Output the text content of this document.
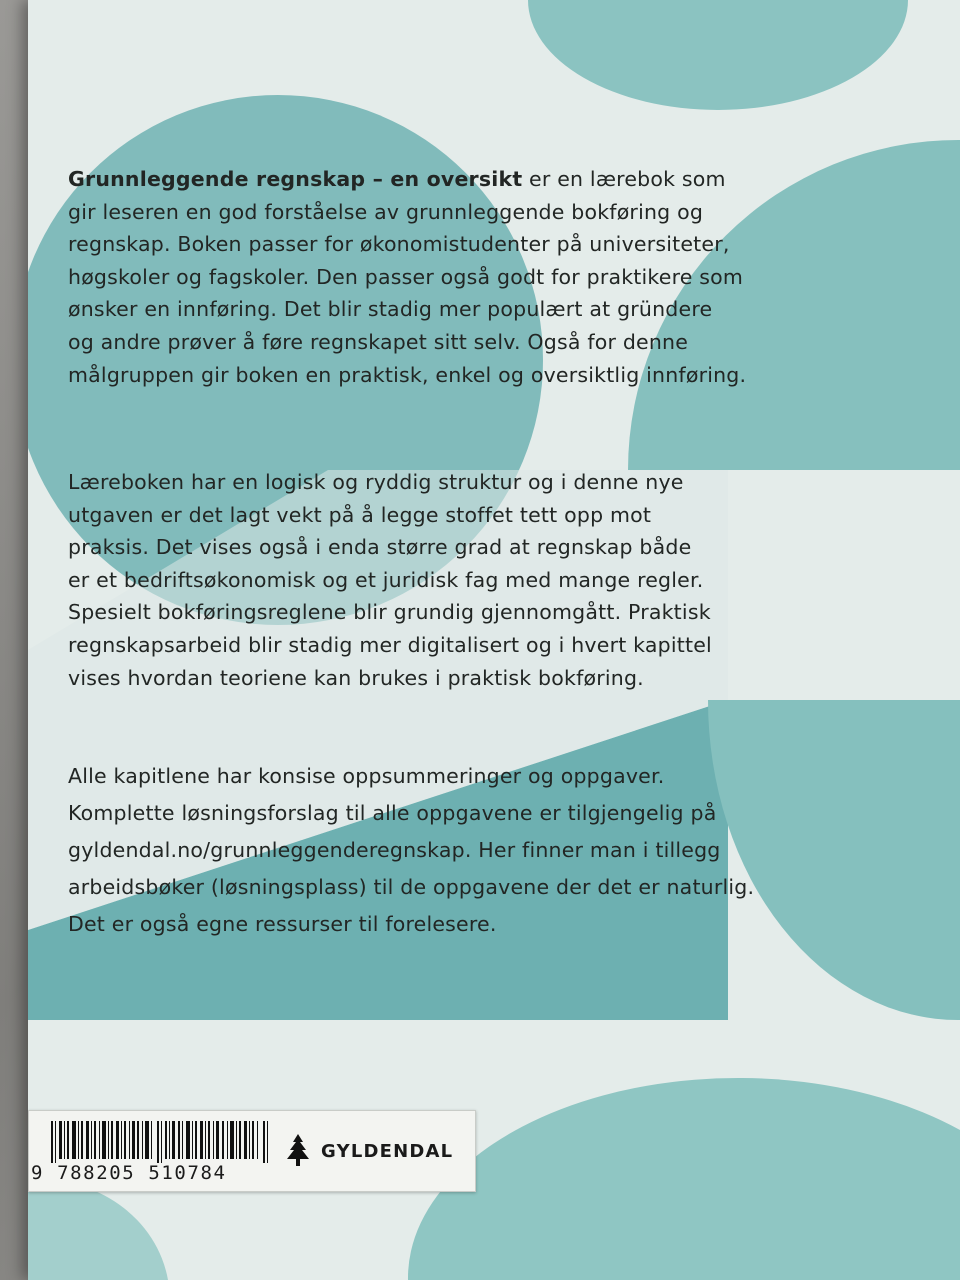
Grunnleggende regnskap – en oversikt er en lærebok som
gir leseren en god forståelse av grunnleggende bokføring og
regnskap. Boken passer for økonomistudenter på universiteter,
høgskoler og fagskoler. Den passer også godt for praktikere som
ønsker en innføring. Det blir stadig mer populært at gründere
og andre prøver å føre regnskapet sitt selv. Også for denne
målgruppen gir boken en praktisk, enkel og oversiktlig innføring.

Læreboken har en logisk og ryddig struktur og i denne nye
utgaven er det lagt vekt på å legge stoffet tett opp mot
praksis. Det vises også i enda større grad at regnskap både
er et bedriftsøkonomisk og et juridisk fag med mange regler.
Spesielt bokføringsreglene blir grundig gjennomgått. Praktisk
regnskapsarbeid blir stadig mer digitalisert og i hvert kapittel
vises hvordan teoriene kan brukes i praktisk bokføring.

Alle kapitlene har konsise oppsummeringer og oppgaver.
Komplette løsningsforslag til alle oppgavene er tilgjengelig på
gyldendal.no/grunnleggenderegnskap. Her finner man i tillegg
arbeidsbøker (løsningsplass) til de oppgavene der det er naturlig.
Det er også egne ressurser til forelesere.

9 788205 510784
GYLDENDAL
